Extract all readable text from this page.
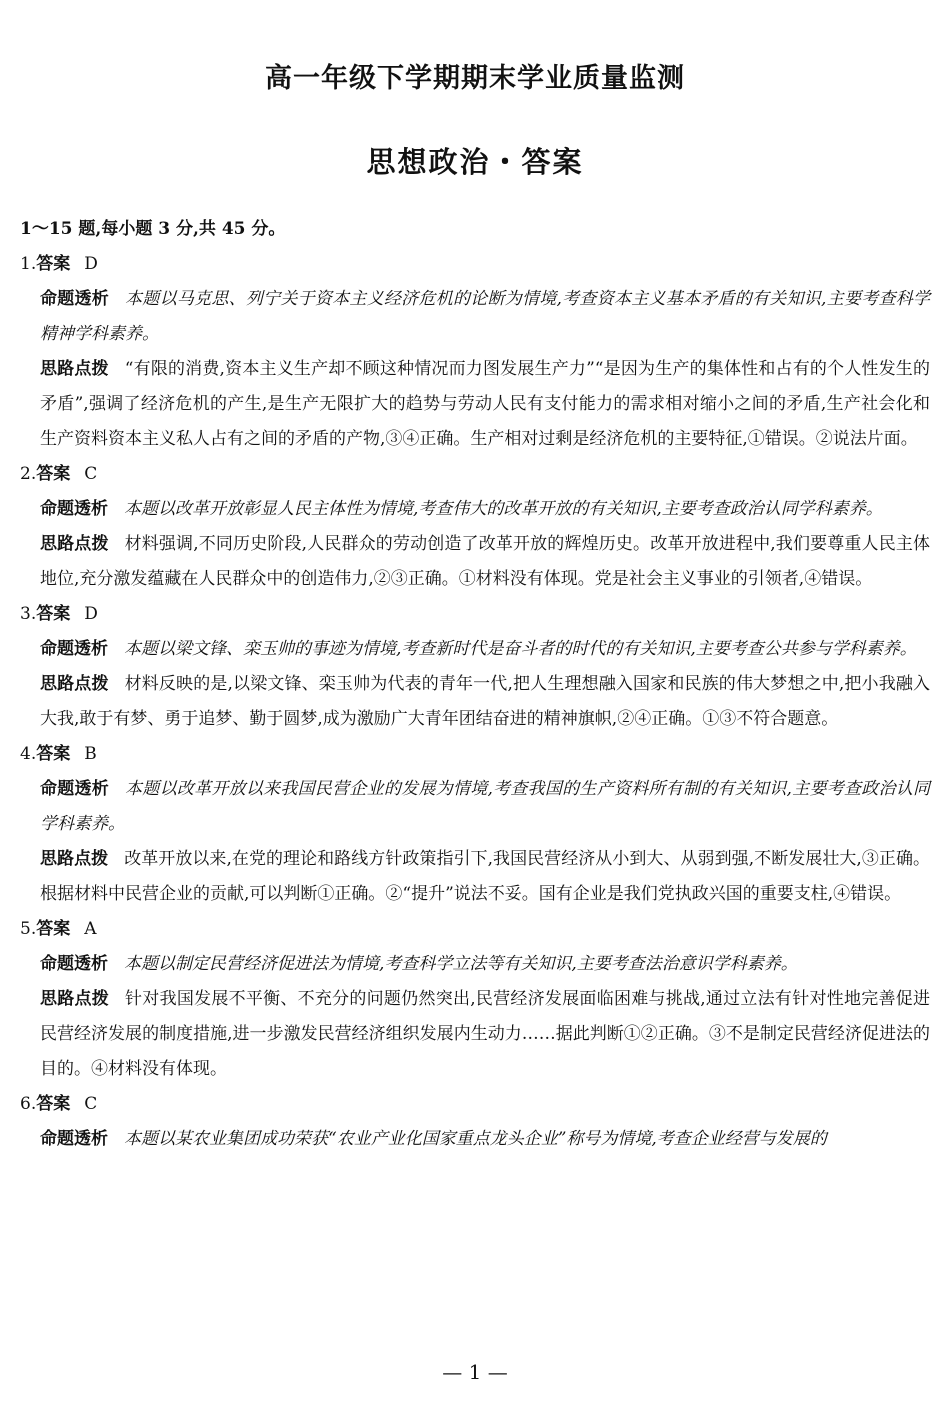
高一年级下学期期末学业质量监测
思想政治・答案

1～15 题,每小题 3 分,共 45 分。

1.答案 D

命题透析 本题以马克思、列宁关于资本主义经济危机的论断为情境,考查资本主义基本矛盾的有关知识,主要考查科学精神学科素养。

思路点拨 “有限的消费,资本主义生产却不顾这种情况而力图发展生产力”“是因为生产的集体性和占有的个人性发生的矛盾”,强调了经济危机的产生,是生产无限扩大的趋势与劳动人民有支付能力的需求相对缩小之间的矛盾,生产社会化和生产资料资本主义私人占有之间的矛盾的产物,③④正确。生产相对过剩是经济危机的主要特征,①错误。②说法片面。

2.答案 C

命题透析 本题以改革开放彰显人民主体性为情境,考查伟大的改革开放的有关知识,主要考查政治认同学科素养。

思路点拨 材料强调,不同历史阶段,人民群众的劳动创造了改革开放的辉煌历史。改革开放进程中,我们要尊重人民主体地位,充分激发蕴藏在人民群众中的创造伟力,②③正确。①材料没有体现。党是社会主义事业的引领者,④错误。

3.答案 D

命题透析 本题以梁文锋、栾玉帅的事迹为情境,考查新时代是奋斗者的时代的有关知识,主要考查公共参与学科素养。

思路点拨 材料反映的是,以梁文锋、栾玉帅为代表的青年一代,把人生理想融入国家和民族的伟大梦想之中,把小我融入大我,敢于有梦、勇于追梦、勤于圆梦,成为激励广大青年团结奋进的精神旗帜,②④正确。①③不符合题意。

4.答案 B

命题透析 本题以改革开放以来我国民营企业的发展为情境,考查我国的生产资料所有制的有关知识,主要考查政治认同学科素养。

思路点拨 改革开放以来,在党的理论和路线方针政策指引下,我国民营经济从小到大、从弱到强,不断发展壮大,③正确。根据材料中民营企业的贡献,可以判断①正确。②“提升”说法不妥。国有企业是我们党执政兴国的重要支柱,④错误。

5.答案 A

命题透析 本题以制定民营经济促进法为情境,考查科学立法等有关知识,主要考查法治意识学科素养。

思路点拨 针对我国发展不平衡、不充分的问题仍然突出,民营经济发展面临困难与挑战,通过立法有针对性地完善促进民营经济发展的制度措施,进一步激发民营经济组织发展内生动力……据此判断①②正确。③不是制定民营经济促进法的目的。④材料没有体现。

6.答案 C

命题透析 本题以某农业集团成功荣获“农业产业化国家重点龙头企业”称号为情境,考查企业经营与发展的

— 1 —
